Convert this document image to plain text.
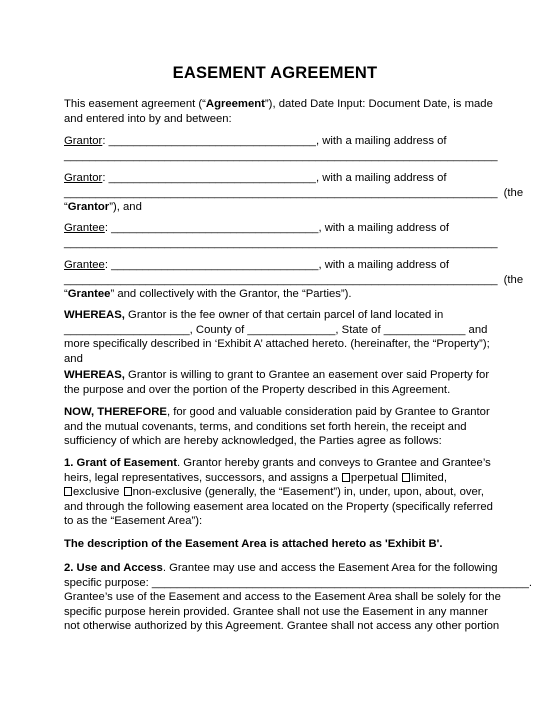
EASEMENT AGREEMENT
This easement agreement (“Agreement”), dated Date Input: Document Date, is made
and entered into by and between:
Grantor: _________________________________, with a mailing address of
_____________________________________________________________________
Grantor: _________________________________, with a mailing address of
_____________________________________________________________________ (the
“Grantor”), and
Grantee: _________________________________, with a mailing address of
_____________________________________________________________________
Grantee: _________________________________, with a mailing address of
_____________________________________________________________________ (the
“Grantee” and collectively with the Grantor, the “Parties”).
WHEREAS, Grantor is the fee owner of that certain parcel of land located in
____________________, County of ______________, State of _____________ and
more specifically described in ‘Exhibit A’ attached hereto. (hereinafter, the “Property”);
and
WHEREAS, Grantor is willing to grant to Grantee an easement over said Property for
the purpose and over the portion of the Property described in this Agreement.
NOW, THEREFORE, for good and valuable consideration paid by Grantee to Grantor
and the mutual covenants, terms, and conditions set forth herein, the receipt and
sufficiency of which are hereby acknowledged, the Parties agree as follows:
1. Grant of Easement. Grantor hereby grants and conveys to Grantee and Grantee’s
heirs, legal representatives, successors, and assigns a perpetual limited,
exclusive non-exclusive (generally, the “Easement”) in, under, upon, about, over,
and through the following easement area located on the Property (specifically referred
to as the “Easement Area”):
The description of the Easement Area is attached hereto as 'Exhibit B'.
2. Use and Access. Grantee may use and access the Easement Area for the following
specific purpose: ____________________________________________________________.
Grantee’s use of the Easement and access to the Easement Area shall be solely for the
specific purpose herein provided. Grantee shall not use the Easement in any manner
not otherwise authorized by this Agreement. Grantee shall not access any other portion
